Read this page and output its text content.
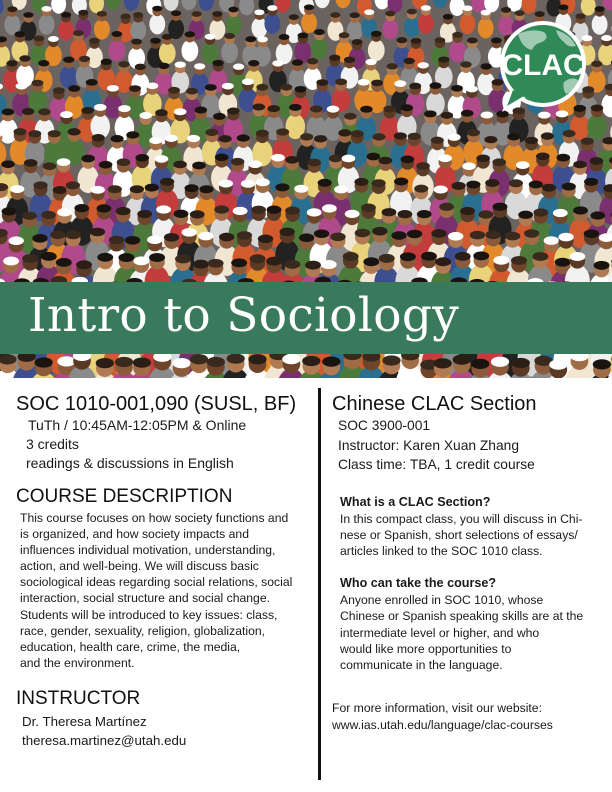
CLAC
Intro to Sociology

SOC 1010-001,090 (SUSL, BF)

TuTh / 10:45AM-12:05PM & Online

3 credits

readings & discussions in English

COURSE DESCRIPTION

This course focuses on how society functions and
is organized, and how society impacts and
influences individual motivation, understanding,
action, and well-being. We will discuss basic
sociological ideas regarding social relations, social
interaction, social structure and social change.
Students will be introduced to key issues: class,
race, gender, sexuality, religion, globalization,
education, health care, crime, the media,
and the environment.

INSTRUCTOR

Dr. Theresa Martínez

theresa.martinez@utah.edu

Chinese CLAC Section

SOC 3900-001

Instructor: Karen Xuan Zhang

Class time: TBA, 1 credit course

What is a CLAC Section?

In this compact class, you will discuss in Chi-
nese or Spanish, short selections of essays/
articles linked to the SOC 1010 class.

Who can take the course?

Anyone enrolled in SOC 1010, whose
Chinese or Spanish speaking skills are at the
intermediate level or higher, and who
would like more opportunities to
communicate in the language.
For more information, visit our website:
www.ias.utah.edu/language/clac-courses
